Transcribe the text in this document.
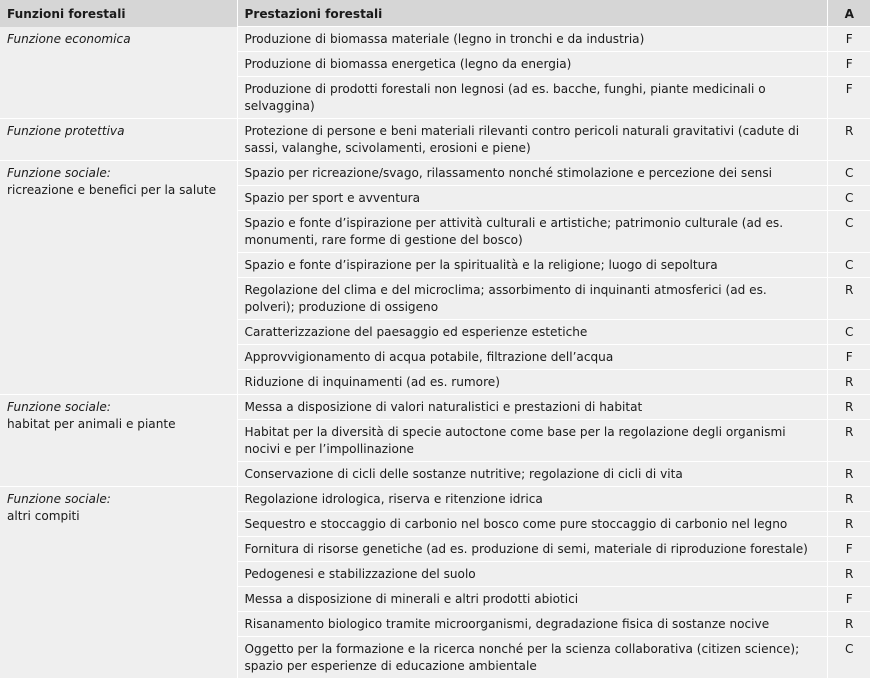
Funzioni forestali	Prestazioni forestali	A

Funzione economica	Produzione di biomassa materiale (legno in tronchi e da industria)	F
	Produzione di biomassa energetica (legno da energia)	F
	Produzione di prodotti forestali non legnosi (ad es. bacche, funghi, piante medicinali o selvaggina)	F

Funzione protettiva	Protezione di persone e beni materiali rilevanti contro pericoli naturali gravitativi (cadute di sassi, valanghe, scivolamenti, erosioni e piene)	R

Funzione sociale:
ricreazione e benefici per la salute	Spazio per ricreazione/svago, rilassamento nonché stimolazione e percezione dei sensi	C
	Spazio per sport e avventura	C
	Spazio e fonte d’ispirazione per attività culturali e artistiche; patrimonio culturale (ad es. monumenti, rare forme di gestione del bosco)	C
	Spazio e fonte d’ispirazione per la spiritualità e la religione; luogo di sepoltura	C
	Regolazione del clima e del microclima; assorbimento di inquinanti atmosferici (ad es. polveri); produzione di ossigeno	R
	Caratterizzazione del paesaggio ed esperienze estetiche	C
	Approvvigionamento di acqua potabile, filtrazione dell’acqua	F
	Riduzione di inquinamenti (ad es. rumore)	R

Funzione sociale:
habitat per animali e piante	Messa a disposizione di valori naturalistici e prestazioni di habitat	R
	Habitat per la diversità di specie autoctone come base per la regolazione degli organismi nocivi e per l’impollinazione	R
	Conservazione di cicli delle sostanze nutritive; regolazione di cicli di vita	R

Funzione sociale:
altri compiti	Regolazione idrologica, riserva e ritenzione idrica	R
	Sequestro e stoccaggio di carbonio nel bosco come pure stoccaggio di carbonio nel legno	R
	Fornitura di risorse genetiche (ad es. produzione di semi, materiale di riproduzione forestale)	F
	Pedogenesi e stabilizzazione del suolo	R
	Messa a disposizione di minerali e altri prodotti abiotici	F
	Risanamento biologico tramite microorganismi, degradazione fisica di sostanze nocive	R
	Oggetto per la formazione e la ricerca nonché per la scienza collaborativa (citizen science); spazio per esperienze di educazione ambientale	C
